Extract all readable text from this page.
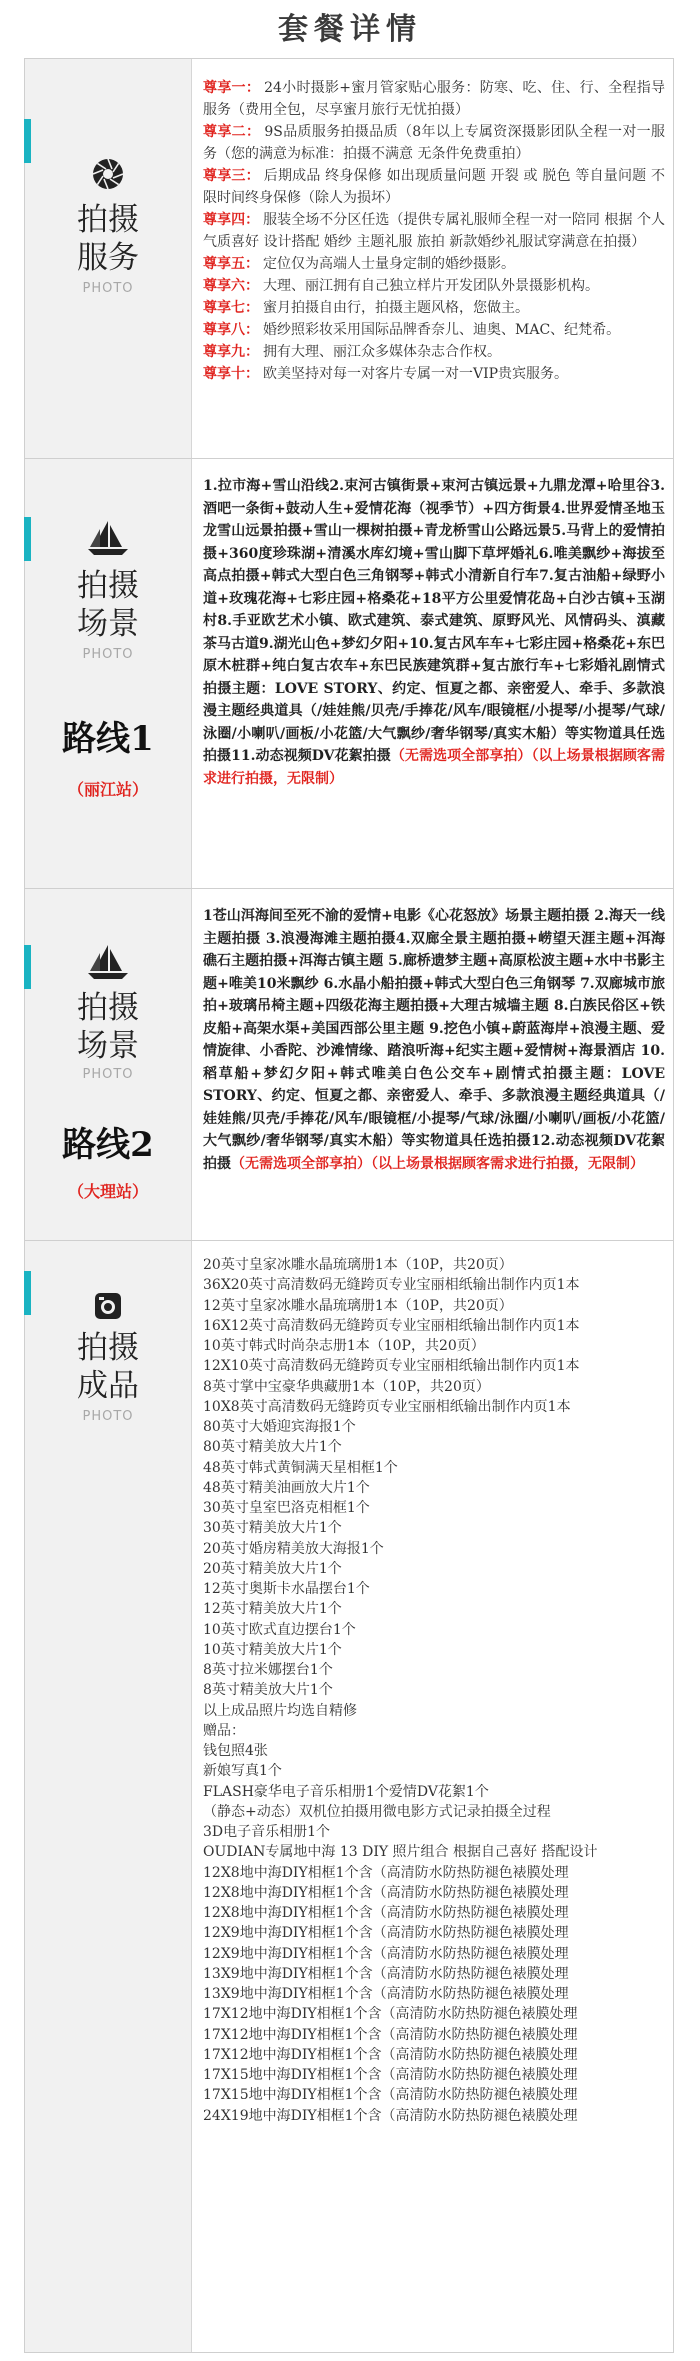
套餐详情
拍摄
服务
PHOTO

尊享一： 24小时摄影+蜜月管家贴心服务：防寒、吃、住、行、全程指导服务（费用全包，尽享蜜月旅行无忧拍摄）

尊享二： 9S品质服务拍摄品质（8年以上专属资深摄影团队全程一对一服务（您的满意为标准：拍摄不满意 无条件免费重拍）

尊享三： 后期成品 终身保修 如出现质量问题 开裂 或 脱色 等自量问题 不限时间终身保修（除人为损坏）

尊享四： 服装全场不分区任选（提供专属礼服师全程一对一陪同 根据 个人气质喜好 设计搭配 婚纱 主题礼服 旅拍 新款婚纱礼服试穿满意在拍摄）

尊享五： 定位仅为高端人士量身定制的婚纱摄影。

尊享六： 大理、丽江拥有自己独立样片开发团队外景摄影机构。

尊享七： 蜜月拍摄自由行，拍摄主题风格，您做主。

尊享八： 婚纱照彩妆采用国际品牌香奈儿、迪奥、MAC、纪梵希。

尊享九： 拥有大理、丽江众多媒体杂志合作权。

尊享十： 欧美坚持对每一对客片专属一对一VIP贵宾服务。

拍摄
场景
PHOTO
路线1
（丽江站）
1.拉市海+雪山沿线2.束河古镇街景+束河古镇远景+九鼎龙潭+哈里谷3.酒吧一条街+鼓动人生+爱情花海（视季节）+四方街景4.世界爱情圣地玉龙雪山远景拍摄+雪山一棵树拍摄+青龙桥雪山公路远景5.马背上的爱情拍摄+360度珍珠湖+清溪水库幻境+雪山脚下草坪婚礼6.唯美飘纱+海拔至高点拍摄+韩式大型白色三角钢琴+韩式小清新自行车7.复古油船+绿野小道+玫瑰花海+七彩庄园+格桑花+18平方公里爱情花岛+白沙古镇+玉湖村8.手亚欧艺术小镇、欧式建筑、泰式建筑、原野风光、风情码头、滇藏茶马古道9.湖光山色+梦幻夕阳+10.复古风车车+七彩庄园+格桑花+东巴原木桩群+纯白复古农车+东巴民族建筑群+复古旅行车+七彩婚礼剧情式拍摄主题：LOVE STORY、约定、恒夏之都、亲密爱人、牵手、多款浪漫主题经典道具（/娃娃熊/贝壳/手捧花/风车/眼镜框/小提琴/小提琴/气球/泳圈/小喇叭/画板/小花篮/大气飘纱/奢华钢琴/真实木船）等实物道具任选拍摄11.动态视频DV花絮拍摄（无需选项全部享拍）（以上场景根据顾客需求进行拍摄，无限制）
拍摄
场景
PHOTO
路线2
（大理站）
1苍山洱海间至死不渝的爱情+电影《心花怒放》场景主题拍摄 2.海天一线主题拍摄 3.浪漫海滩主题拍摄4.双廊全景主题拍摄+崂望天涯主题+洱海礁石主题拍摄+洱海古镇主题 5.廊桥遗梦主题+高原松波主题+水中书影主题+唯美10米飘纱 6.水晶小船拍摄+韩式大型白色三角钢琴 7.双廊城市旅拍+玻璃吊椅主题+四级花海主题拍摄+大理古城墙主题 8.白族民俗区+铁皮船+高架水渠+美国西部公里主题 9.挖色小镇+蔚蓝海岸+浪漫主题、爱情旋律、小香陀、沙滩情缘、踏浪听海+纪实主题+爱情树+海景酒店 10.稻草船+梦幻夕阳+韩式唯美白色公交车+剧情式拍摄主题：LOVE STORY、约定、恒夏之都、亲密爱人、牵手、多款浪漫主题经典道具（/娃娃熊/贝壳/手捧花/风车/眼镜框/小提琴/气球/泳圈/小喇叭/画板/小花篮/大气飘纱/奢华钢琴/真实木船）等实物道具任选拍摄12.动态视频DV花絮拍摄（无需选项全部享拍）（以上场景根据顾客需求进行拍摄，无限制）
拍摄
成品
PHOTO
20英寸皇家冰雕水晶琉璃册1本（10P，共20页）
36X20英寸高清数码无缝跨页专业宝丽相纸输出制作内页1本
12英寸皇家冰雕水晶琉璃册1本（10P，共20页）
16X12英寸高清数码无缝跨页专业宝丽相纸输出制作内页1本
10英寸韩式时尚杂志册1本（10P，共20页）
12X10英寸高清数码无缝跨页专业宝丽相纸输出制作内页1本
8英寸掌中宝豪华典藏册1本（10P，共20页）
10X8英寸高清数码无缝跨页专业宝丽相纸输出制作内页1本
80英寸大婚迎宾海报1个
80英寸精美放大片1个
48英寸韩式黄铜满天星相框1个
48英寸精美油画放大片1个
30英寸皇室巴洛克相框1个
30英寸精美放大片1个
20英寸婚房精美放大海报1个
20英寸精美放大片1个
12英寸奥斯卡水晶摆台1个
12英寸精美放大片1个
10英寸欧式直边摆台1个
10英寸精美放大片1个
8英寸拉米娜摆台1个
8英寸精美放大片1个
以上成品照片均选自精修
赠品：
钱包照4张
新娘写真1个
FLASH豪华电子音乐相册1个爱情DV花絮1个
（静态+动态）双机位拍摄用微电影方式记录拍摄全过程
3D电子音乐相册1个
OUDIAN专属地中海 13 DIY 照片组合 根据自己喜好 搭配设计
12X8地中海DIY相框1个含（高清防水防热防褪色裱膜处理
12X8地中海DIY相框1个含（高清防水防热防褪色裱膜处理
12X8地中海DIY相框1个含（高清防水防热防褪色裱膜处理
12X9地中海DIY相框1个含（高清防水防热防褪色裱膜处理
12X9地中海DIY相框1个含（高清防水防热防褪色裱膜处理
13X9地中海DIY相框1个含（高清防水防热防褪色裱膜处理
13X9地中海DIY相框1个含（高清防水防热防褪色裱膜处理
17X12地中海DIY相框1个含（高清防水防热防褪色裱膜处理
17X12地中海DIY相框1个含（高清防水防热防褪色裱膜处理
17X12地中海DIY相框1个含（高清防水防热防褪色裱膜处理
17X15地中海DIY相框1个含（高清防水防热防褪色裱膜处理
17X15地中海DIY相框1个含（高清防水防热防褪色裱膜处理
24X19地中海DIY相框1个含（高清防水防热防褪色裱膜处理
